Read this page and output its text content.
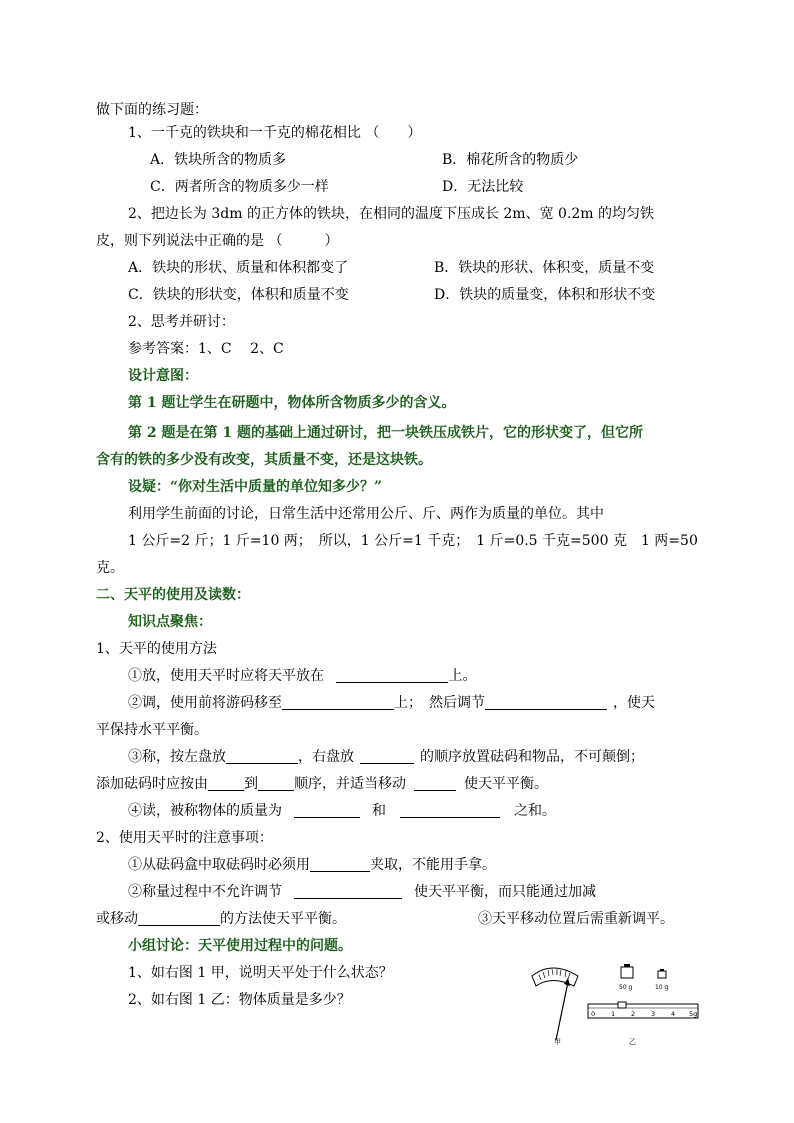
做下面的练习题：
1、一千克的铁块和一千克的棉花相比 （　　）
A．铁块所含的物质多	B．棉花所含的物质少
C．两者所含的物质多少一样	D．无法比较
2、把边长为 3dm 的正方体的铁块，在相同的温度下压成长 2m、宽 0.2m 的均匀铁
皮，则下列说法中正确的是 （　　　）
A．铁块的形状、质量和体积都变了	B．铁块的形状、体积变，质量不变
C．铁块的形状变，体积和质量不变	D．铁块的质量变，体积和形状不变
2、思考并研讨：
参考答案：1、C　 2、C
设计意图：
第 1 题让学生在研题中，物体所含物质多少的含义。
第 2 题是在第 1 题的基础上通过研讨，把一块铁压成铁片，它的形状变了，但它所
含有的铁的多少没有改变，其质量不变，还是这块铁。
设疑：“你对生活中质量的单位知多少？”
利用学生前面的讨论，日常生活中还常用公斤、斤、两作为质量的单位。其中
1 公斤=2 斤；1 斤=10 两；　所以，1 公斤=1 千克；　1 斤=0.5 千克=500 克　1 两=50
克。
二、天平的使用及读数：
知识点聚焦：
1、天平的使用方法
①放，使用天平时应将天平放在	上。
②调，使用前将游码移至	上；　然后调节	，使天
平保持水平平衡。
③称，按左盘放	，右盘放	的顺序放置砝码和物品，不可颠倒；
添加砝码时应按由	到	顺序，并适当移动	使天平平衡。
④读，被称物体的质量为	和	之和。
2、使用天平时的注意事项：
①从砝码盒中取砝码时必须用	夹取，不能用手拿。
②称量过程中不允许调节	使天平平衡，而只能通过加减
或移动	的方法使天平平衡。	③天平移动位置后需重新调平。
小组讨论：天平使用过程中的问题。
1、如右图 1 甲，说明天平处于什么状态？
2、如右图 1 乙：物体质量是多少？
50 g	10 g
0 1 2 3 4 5g
甲	乙
